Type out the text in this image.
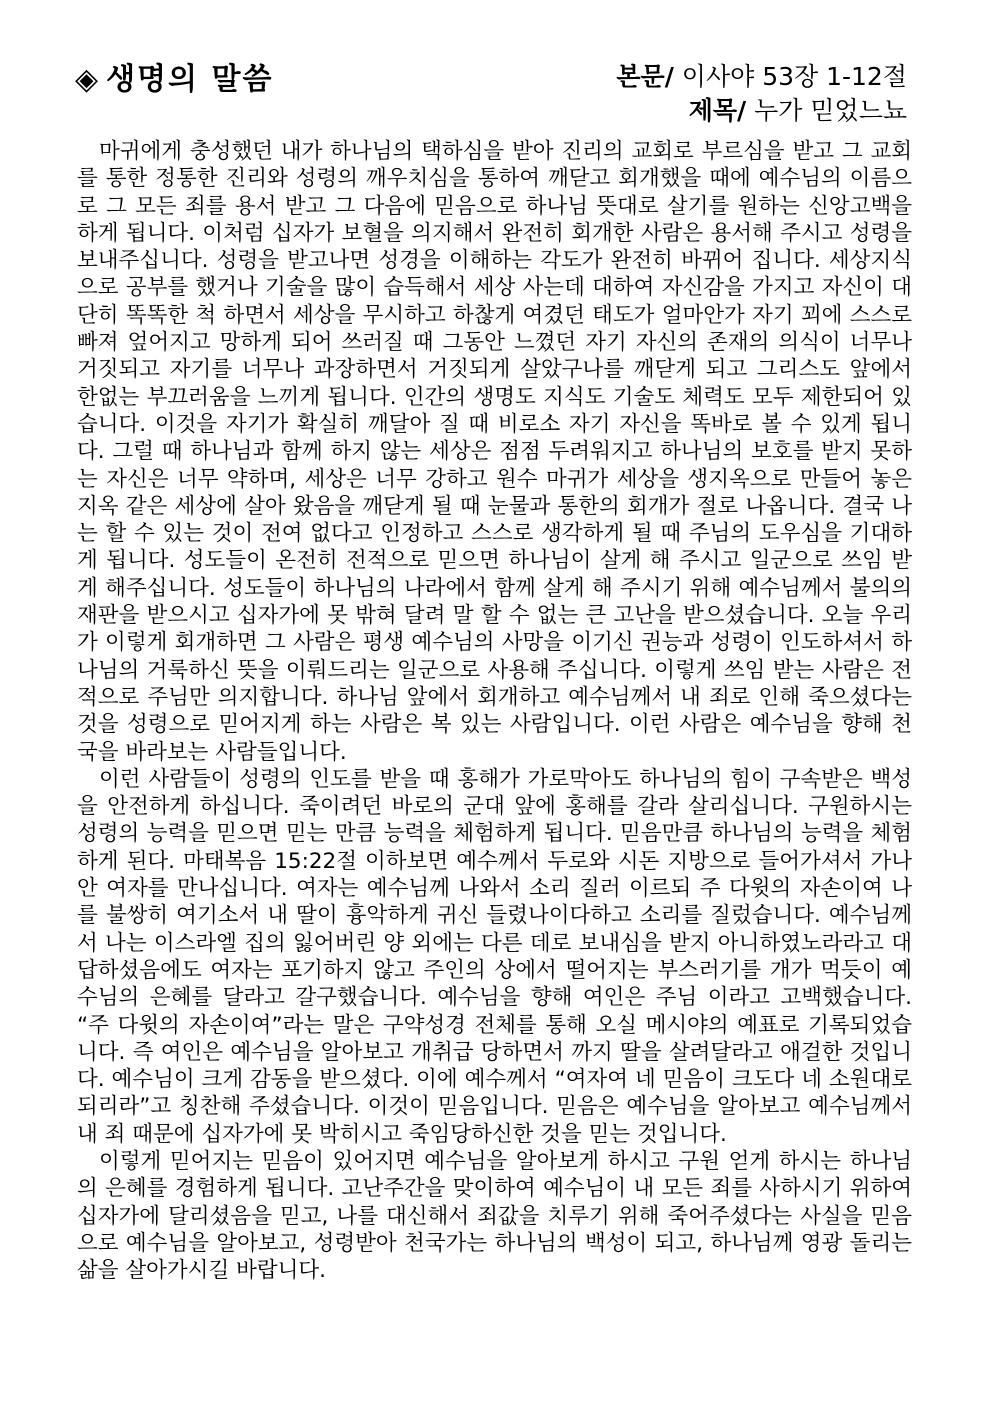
◈ 생명의 말씀	본문/ 이사야 53장 1-12절
제목/ 누가 믿었느뇨

마귀에게 충성했던 내가 하나님의 택하심을 받아 진리의 교회로 부르심을 받고 그 교회를 통한 정통한 진리와 성령의 깨우치심을 통하여 깨닫고 회개했을 때에 예수님의 이름으로 그 모든 죄를 용서 받고 그 다음에 믿음으로 하나님 뜻대로 살기를 원하는 신앙고백을 하게 됩니다. 이처럼 십자가 보혈을 의지해서 완전히 회개한 사람은 용서해 주시고 성령을 보내주십니다. 성령을 받고나면 성경을 이해하는 각도가 완전히 바뀌어 집니다. 세상지식으로 공부를 했거나 기술을 많이 습득해서 세상 사는데 대하여 자신감을 가지고 자신이 대단히 똑똑한 척 하면서 세상을 무시하고 하찮게 여겼던 태도가 얼마안가 자기 꾀에 스스로 빠져 엎어지고 망하게 되어 쓰러질 때 그동안 느꼈던 자기 자신의 존재의 의식이 너무나 거짓되고 자기를 너무나 과장하면서 거짓되게 살았구나를 깨닫게 되고 그리스도 앞에서 한없는 부끄러움을 느끼게 됩니다. 인간의 생명도 지식도 기술도 체력도 모두 제한되어 있습니다. 이것을 자기가 확실히 깨달아 질 때 비로소 자기 자신을 똑바로 볼 수 있게 됩니다. 그럴 때 하나님과 함께 하지 않는 세상은 점점 두려워지고 하나님의 보호를 받지 못하는 자신은 너무 약하며, 세상은 너무 강하고 원수 마귀가 세상을 생지옥으로 만들어 놓은 지옥 같은 세상에 살아 왔음을 깨닫게 될 때 눈물과 통한의 회개가 절로 나옵니다. 결국 나는 할 수 있는 것이 전여 없다고 인정하고 스스로 생각하게 될 때 주님의 도우심을 기대하게 됩니다. 성도들이 온전히 전적으로 믿으면 하나님이 살게 해 주시고 일군으로 쓰임 받게 해주십니다. 성도들이 하나님의 나라에서 함께 살게 해 주시기 위해 예수님께서 불의의 재판을 받으시고 십자가에 못 밖혀 달려 말 할 수 없는 큰 고난을 받으셨습니다. 오늘 우리가 이렇게 회개하면 그 사람은 평생 예수님의 사망을 이기신 권능과 성령이 인도하셔서 하나님의 거룩하신 뜻을 이뤄드리는 일군으로 사용해 주십니다. 이렇게 쓰임 받는 사람은 전적으로 주님만 의지합니다. 하나님 앞에서 회개하고 예수님께서 내 죄로 인해 죽으셨다는 것을 성령으로 믿어지게 하는 사람은 복 있는 사람입니다. 이런 사람은 예수님을 향해 천국을 바라보는 사람들입니다.

이런 사람들이 성령의 인도를 받을 때 홍해가 가로막아도 하나님의 힘이 구속받은 백성을 안전하게 하십니다. 죽이려던 바로의 군대 앞에 홍해를 갈라 살리십니다. 구원하시는 성령의 능력을 믿으면 믿는 만큼 능력을 체험하게 됩니다. 믿음만큼 하나님의 능력을 체험하게 된다. 마태복음 15:22절 이하보면 예수께서 두로와 시돈 지방으로 들어가셔서 가나안 여자를 만나십니다. 여자는 예수님께 나와서 소리 질러 이르되 주 다윗의 자손이여 나를 불쌍히 여기소서 내 딸이 흉악하게 귀신 들렸나이다하고 소리를 질렀습니다. 예수님께서 나는 이스라엘 집의 잃어버린 양 외에는 다른 데로 보내심을 받지 아니하였노라라고 대답하셨음에도 여자는 포기하지 않고 주인의 상에서 떨어지는 부스러기를 개가 먹듯이 예수님의 은혜를 달라고 갈구했습니다. 예수님을 향해 여인은 주님 이라고 고백했습니다. “주 다윗의 자손이여”라는 말은 구약성경 전체를 통해 오실 메시야의 예표로 기록되었습니다. 즉 여인은 예수님을 알아보고 개취급 당하면서 까지 딸을 살려달라고 애걸한 것입니다. 예수님이 크게 감동을 받으셨다. 이에 예수께서 “여자여 네 믿음이 크도다 네 소원대로 되리라”고 칭찬해 주셨습니다. 이것이 믿음입니다. 믿음은 예수님을 알아보고 예수님께서 내 죄 때문에 십자가에 못 박히시고 죽임당하신한 것을 믿는 것입니다.

이렇게 믿어지는 믿음이 있어지면 예수님을 알아보게 하시고 구원 얻게 하시는 하나님의 은혜를 경험하게 됩니다. 고난주간을 맞이하여 예수님이 내 모든 죄를 사하시기 위하여 십자가에 달리셨음을 믿고, 나를 대신해서 죄값을 치루기 위해 죽어주셨다는 사실을 믿음으로 예수님을 알아보고, 성령받아 천국가는 하나님의 백성이 되고, 하나님께 영광 돌리는 삶을 살아가시길 바랍니다.
